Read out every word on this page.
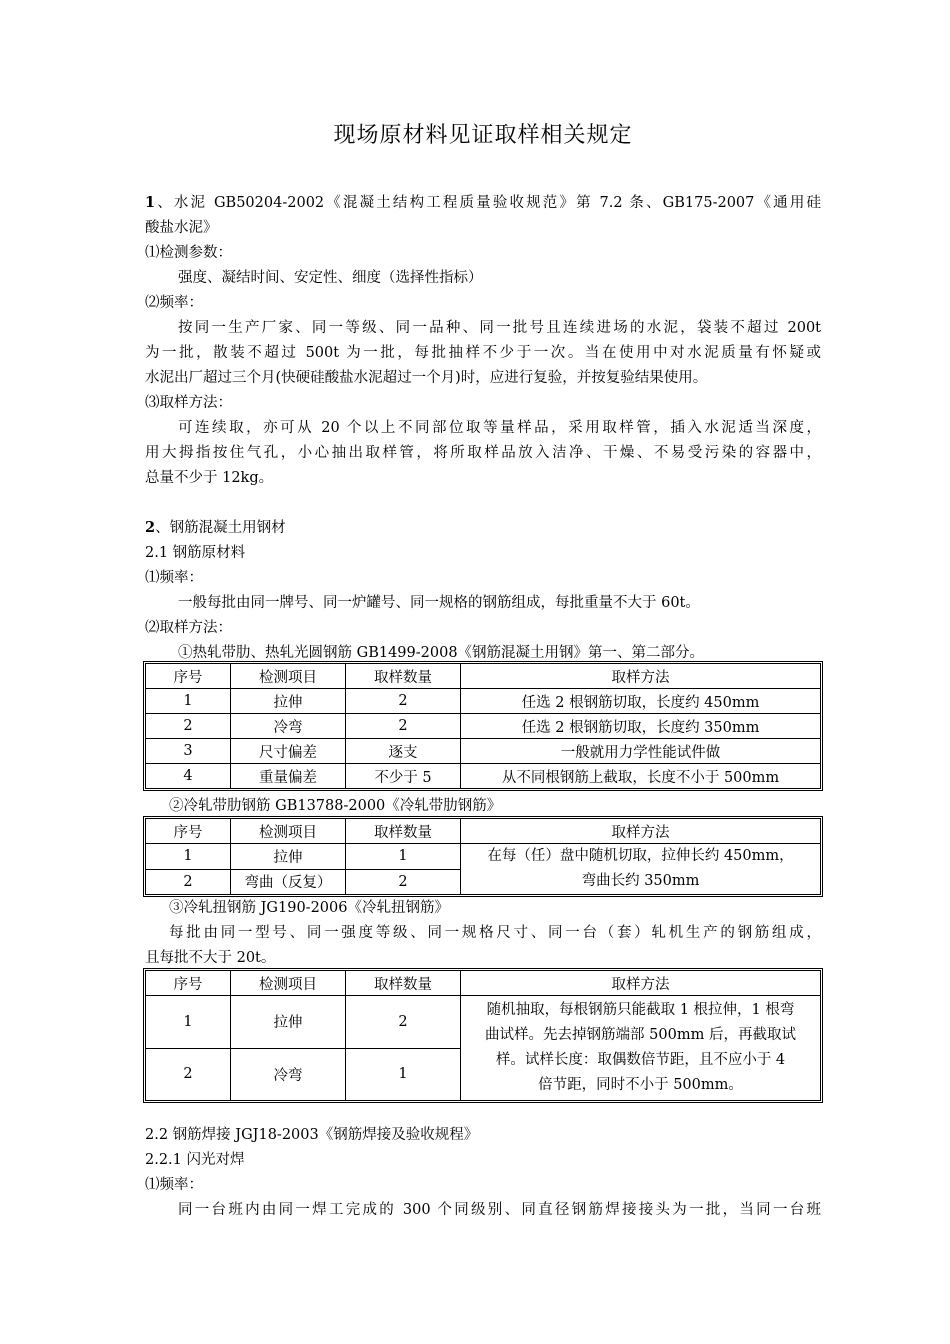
现场原材料见证取样相关规定
1、水泥 GB50204-2002《混凝土结构工程质量验收规范》第 7.2 条、GB175-2007《通用硅
酸盐水泥》
⑴检测参数：
强度、凝结时间、安定性、细度（选择性指标）
⑵频率：
按同一生产厂家、同一等级、同一品种、同一批号且连续进场的水泥，袋装不超过 200t
为一批，散装不超过 500t 为一批，每批抽样不少于一次。当在使用中对水泥质量有怀疑或
水泥出厂超过三个月(快硬硅酸盐水泥超过一个月)时，应进行复验，并按复验结果使用。
⑶取样方法：
可连续取，亦可从 20 个以上不同部位取等量样品，采用取样管，插入水泥适当深度，
用大拇指按住气孔，小心抽出取样管，将所取样品放入洁净、干燥、不易受污染的容器中，
总量不少于 12kg。
2、钢筋混凝土用钢材
2.1 钢筋原材料
⑴频率：
一般每批由同一牌号、同一炉罐号、同一规格的钢筋组成，每批重量不大于 60t。
⑵取样方法：
①热轧带肋、热轧光圆钢筋 GB1499-2008《钢筋混凝土用钢》第一、第二部分。
序号	检测项目	取样数量	取样方法
1	拉伸	2	任选 2 根钢筋切取，长度约 450mm
2	冷弯	2	任选 2 根钢筋切取，长度约 350mm
3	尺寸偏差	逐支	一般就用力学性能试件做
4	重量偏差	不少于 5	从不同根钢筋上截取，长度不小于 500mm
②冷轧带肋钢筋 GB13788-2000《冷轧带肋钢筋》
序号	检测项目	取样数量	取样方法
1	拉伸	1	在每（任）盘中随机切取，拉伸长约 450mm，
弯曲长约 350mm

2	弯曲（反复）	2	
③冷轧扭钢筋 JG190-2006《冷轧扭钢筋》
每批由同一型号、同一强度等级、同一规格尺寸、同一台（套）轧机生产的钢筋组成，
且每批不大于 20t。
序号	检测项目	取样数量	取样方法
1	拉伸	2	随机抽取，每根钢筋只能截取 1 根拉伸，1 根弯
曲试样。先去掉钢筋端部 500mm 后，再截取试
样。试样长度：取偶数倍节距，且不应小于 4
倍节距，同时不小于 500mm。

2	冷弯	1	
2.2 钢筋焊接 JGJ18-2003《钢筋焊接及验收规程》
2.2.1 闪光对焊
⑴频率：
同一台班内由同一焊工完成的 300 个同级别、同直径钢筋焊接接头为一批，当同一台班
